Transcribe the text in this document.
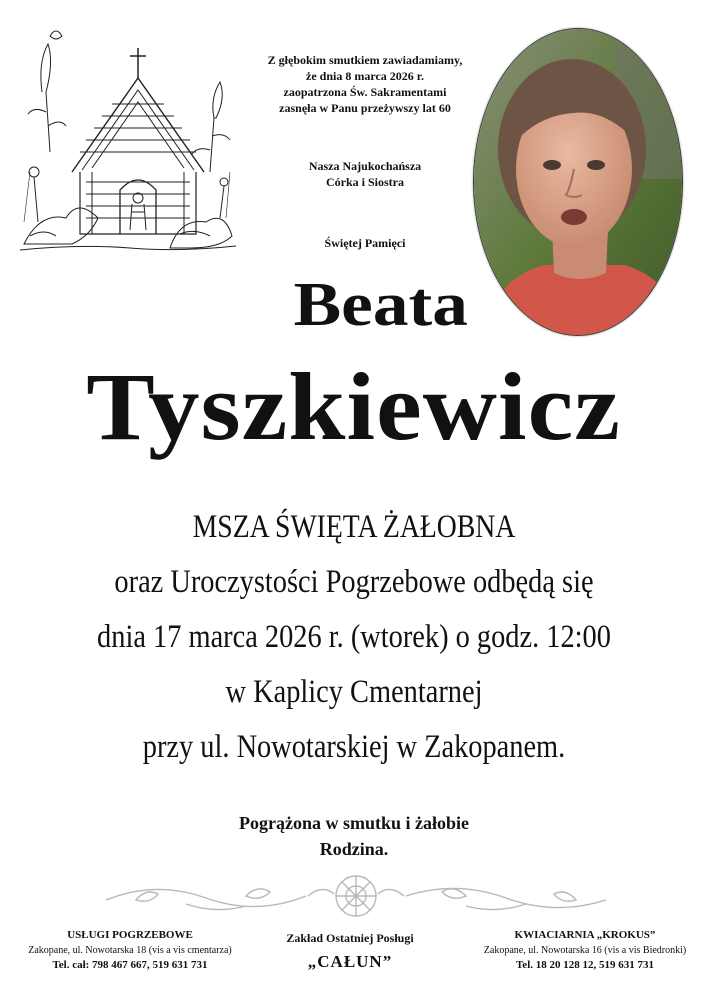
Z głębokim smutkiem zawiadamiamy,
że dnia 8 marca 2026 r.
zaopatrzona Św. Sakramentami
zasnęła w Panu przeżywszy lat 60
Nasza Najukochańsza
Córka i Siostra
Świętej Pamięci
Beata
Tyszkiewicz
MSZA ŚWIĘTA ŻAŁOBNA
oraz Uroczystości Pogrzebowe odbędą się
dnia 17 marca 2026 r. (wtorek) o godz. 12:00
w Kaplicy Cmentarnej
przy ul. Nowotarskiej w Zakopanem.
Pogrążona w smutku i żałobie
Rodzina.
USŁUGI POGRZEBOWE
Zakopane, ul. Nowotarska 18 (vis a vis cmentarza)
Tel. cał: 798 467 667, 519 631 731
Zakład Ostatniej Posługi
„CAŁUN”
KWIACIARNIA „KROKUS”
Zakopane, ul. Nowotarska 16 (vis a vis Biedronki)
Tel. 18 20 128 12, 519 631 731
